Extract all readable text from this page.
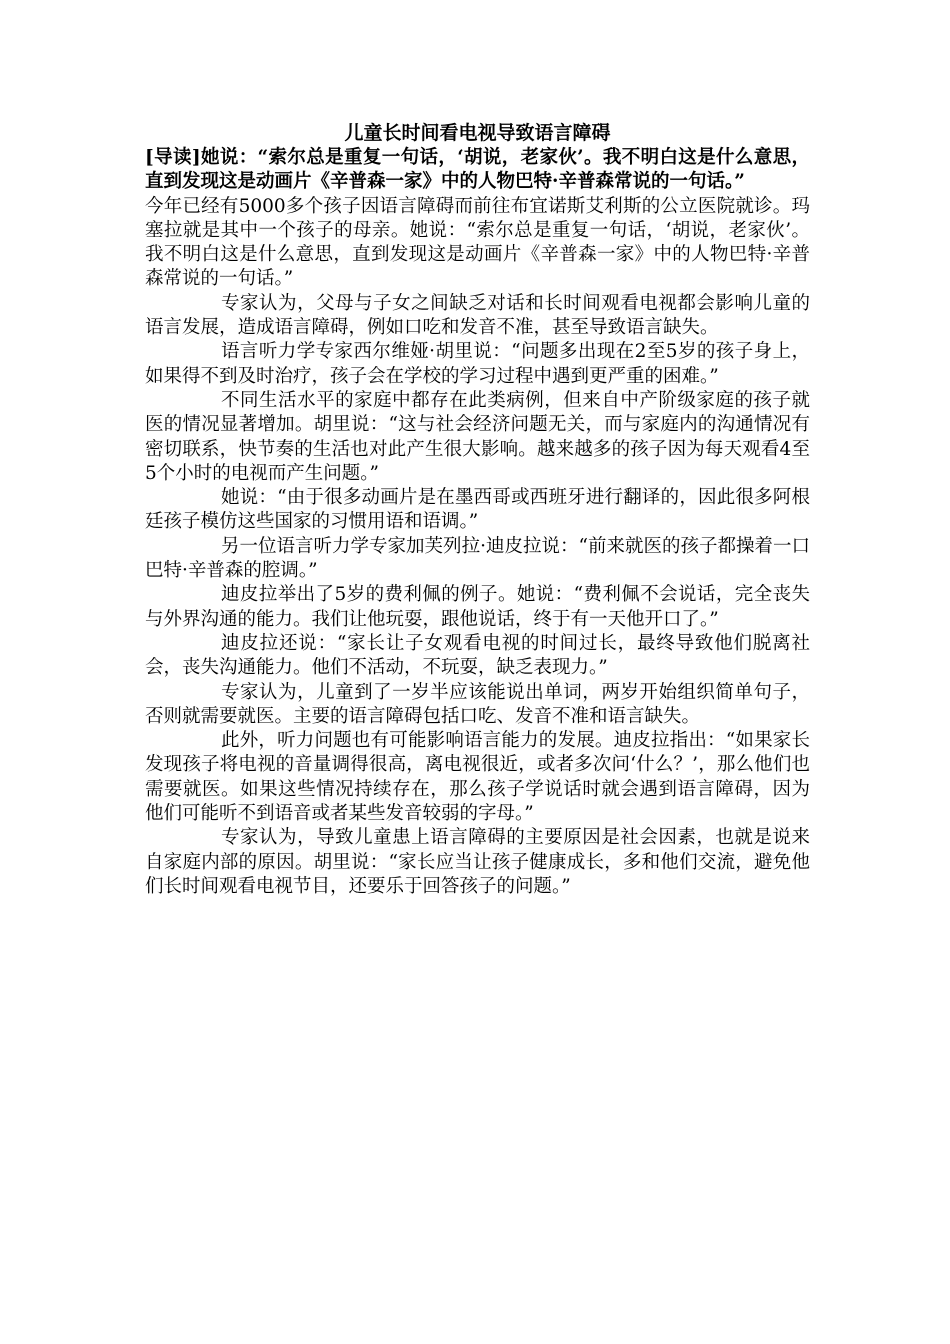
儿童长时间看电视导致语言障碍

[导读]她说：“索尔总是重复一句话，‘胡说，老家伙’。我不明白这是什么意思，直到发现这是动画片《辛普森一家》中的人物巴特·辛普森常说的一句话。”

今年已经有5000多个孩子因语言障碍而前往布宜诺斯艾利斯的公立医院就诊。玛塞拉就是其中一个孩子的母亲。她说：“索尔总是重复一句话，‘胡说，老家伙’。我不明白这是什么意思，直到发现这是动画片《辛普森一家》中的人物巴特·辛普森常说的一句话。”

专家认为，父母与子女之间缺乏对话和长时间观看电视都会影响儿童的语言发展，造成语言障碍，例如口吃和发音不准，甚至导致语言缺失。

语言听力学专家西尔维娅·胡里说：“问题多出现在2至5岁的孩子身上，如果得不到及时治疗，孩子会在学校的学习过程中遇到更严重的困难。”

不同生活水平的家庭中都存在此类病例，但来自中产阶级家庭的孩子就医的情况显著增加。胡里说：“这与社会经济问题无关，而与家庭内的沟通情况有密切联系，快节奏的生活也对此产生很大影响。越来越多的孩子因为每天观看4至5个小时的电视而产生问题。”

她说：“由于很多动画片是在墨西哥或西班牙进行翻译的，因此很多阿根廷孩子模仿这些国家的习惯用语和语调。”

另一位语言听力学专家加芙列拉·迪皮拉说：“前来就医的孩子都操着一口巴特·辛普森的腔调。”

迪皮拉举出了5岁的费利佩的例子。她说：“费利佩不会说话，完全丧失与外界沟通的能力。我们让他玩耍，跟他说话，终于有一天他开口了。”

迪皮拉还说：“家长让子女观看电视的时间过长，最终导致他们脱离社会，丧失沟通能力。他们不活动，不玩耍，缺乏表现力。”

专家认为，儿童到了一岁半应该能说出单词，两岁开始组织简单句子，否则就需要就医。主要的语言障碍包括口吃、发音不准和语言缺失。

此外，听力问题也有可能影响语言能力的发展。迪皮拉指出：“如果家长发现孩子将电视的音量调得很高，离电视很近，或者多次问‘什么？’，那么他们也需要就医。如果这些情况持续存在，那么孩子学说话时就会遇到语言障碍，因为他们可能听不到语音或者某些发音较弱的字母。”

专家认为，导致儿童患上语言障碍的主要原因是社会因素，也就是说来自家庭内部的原因。胡里说：“家长应当让孩子健康成长，多和他们交流，避免他们长时间观看电视节目，还要乐于回答孩子的问题。”
